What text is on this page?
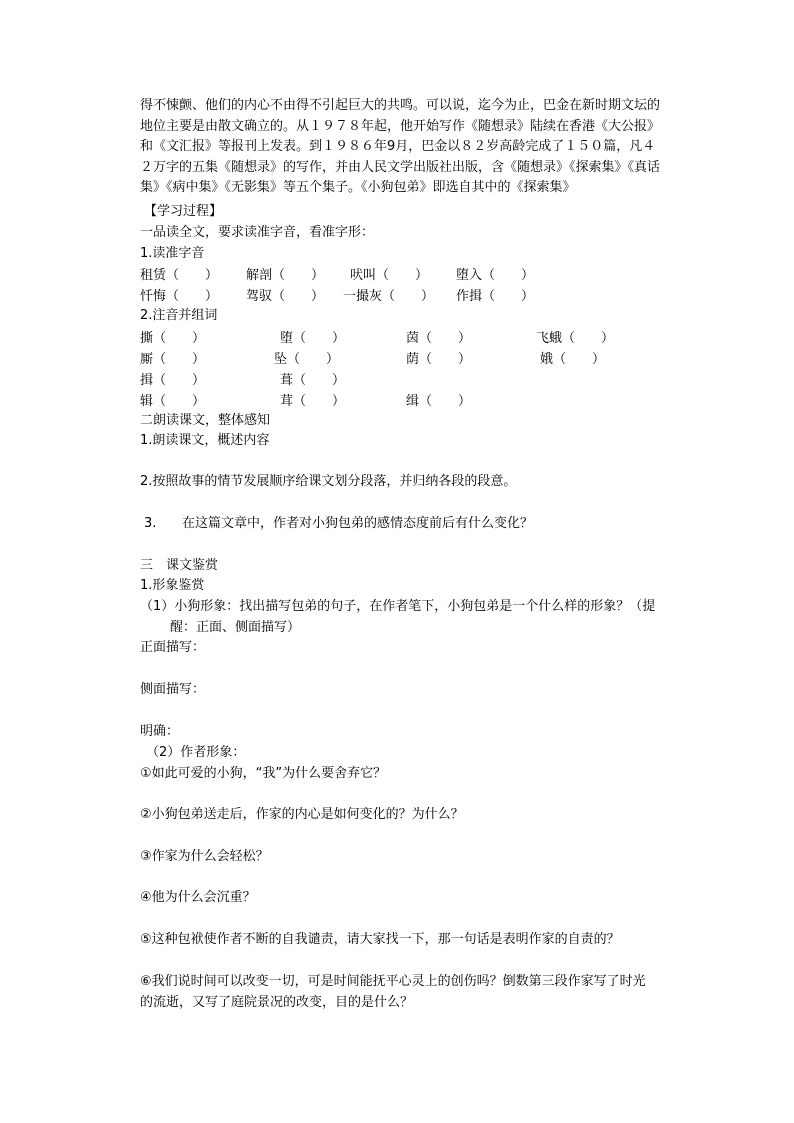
得不悚颤、他们的内心不由得不引起巨大的共鸣。可以说，迄今为止，巴金在新时期文坛的地位主要是由散文确立的。从１９７８年起，他开始写作《随想录》陆续在香港《大公报》和《文汇报》等报刊上发表。到１９８６年9月，巴金以８２岁高龄完成了１５０篇，凡４２万字的五集《随想录》的写作，并由人民文学出版社出版，含《随想录》《探索集》《真话集》《病中集》《无影集》等五个集子。《小狗包弟》即选自其中的《探索集》
【学习过程】
一品读全文，要求读准字音，看准字形：
1.读准字音
租赁（　　） 解剖（　　） 吠叫（　　） 堕入（　　）
忏悔（　　） 驾驭（　　） 一撮灰（　　） 作揖（　　）
2.注音并组词
撕（　　）	堕（　　）	茵（　　）	飞蛾（　　）
厮（　　）	坠（　　）	荫（　　）	娥（　　）
揖（　　）	葺（　　）
辑（　　）	茸（　　）	缉（　　）
二朗读课文，整体感知
1.朗读课文，概述内容
2.按照故事的情节发展顺序给课文划分段落，并归纳各段的段意。
3. 在这篇文章中，作者对小狗包弟的感情态度前后有什么变化？
三　课文鉴赏
1.形象鉴赏
（1）小狗形象：找出描写包弟的句子，在作者笔下，小狗包弟是一个什么样的形象？（提醒：正面、侧面描写）
正面描写：
侧面描写：
明确：
（2）作者形象：
①如此可爱的小狗，“我”为什么要舍弃它？
②小狗包弟送走后，作家的内心是如何变化的？为什么？
③作家为什么会轻松？
④他为什么会沉重？
⑤这种包袱使作者不断的自我谴责，请大家找一下，那一句话是表明作家的自责的？
⑥我们说时间可以改变一切，可是时间能抚平心灵上的创伤吗？倒数第三段作家写了时光的流逝，又写了庭院景况的改变，目的是什么？
